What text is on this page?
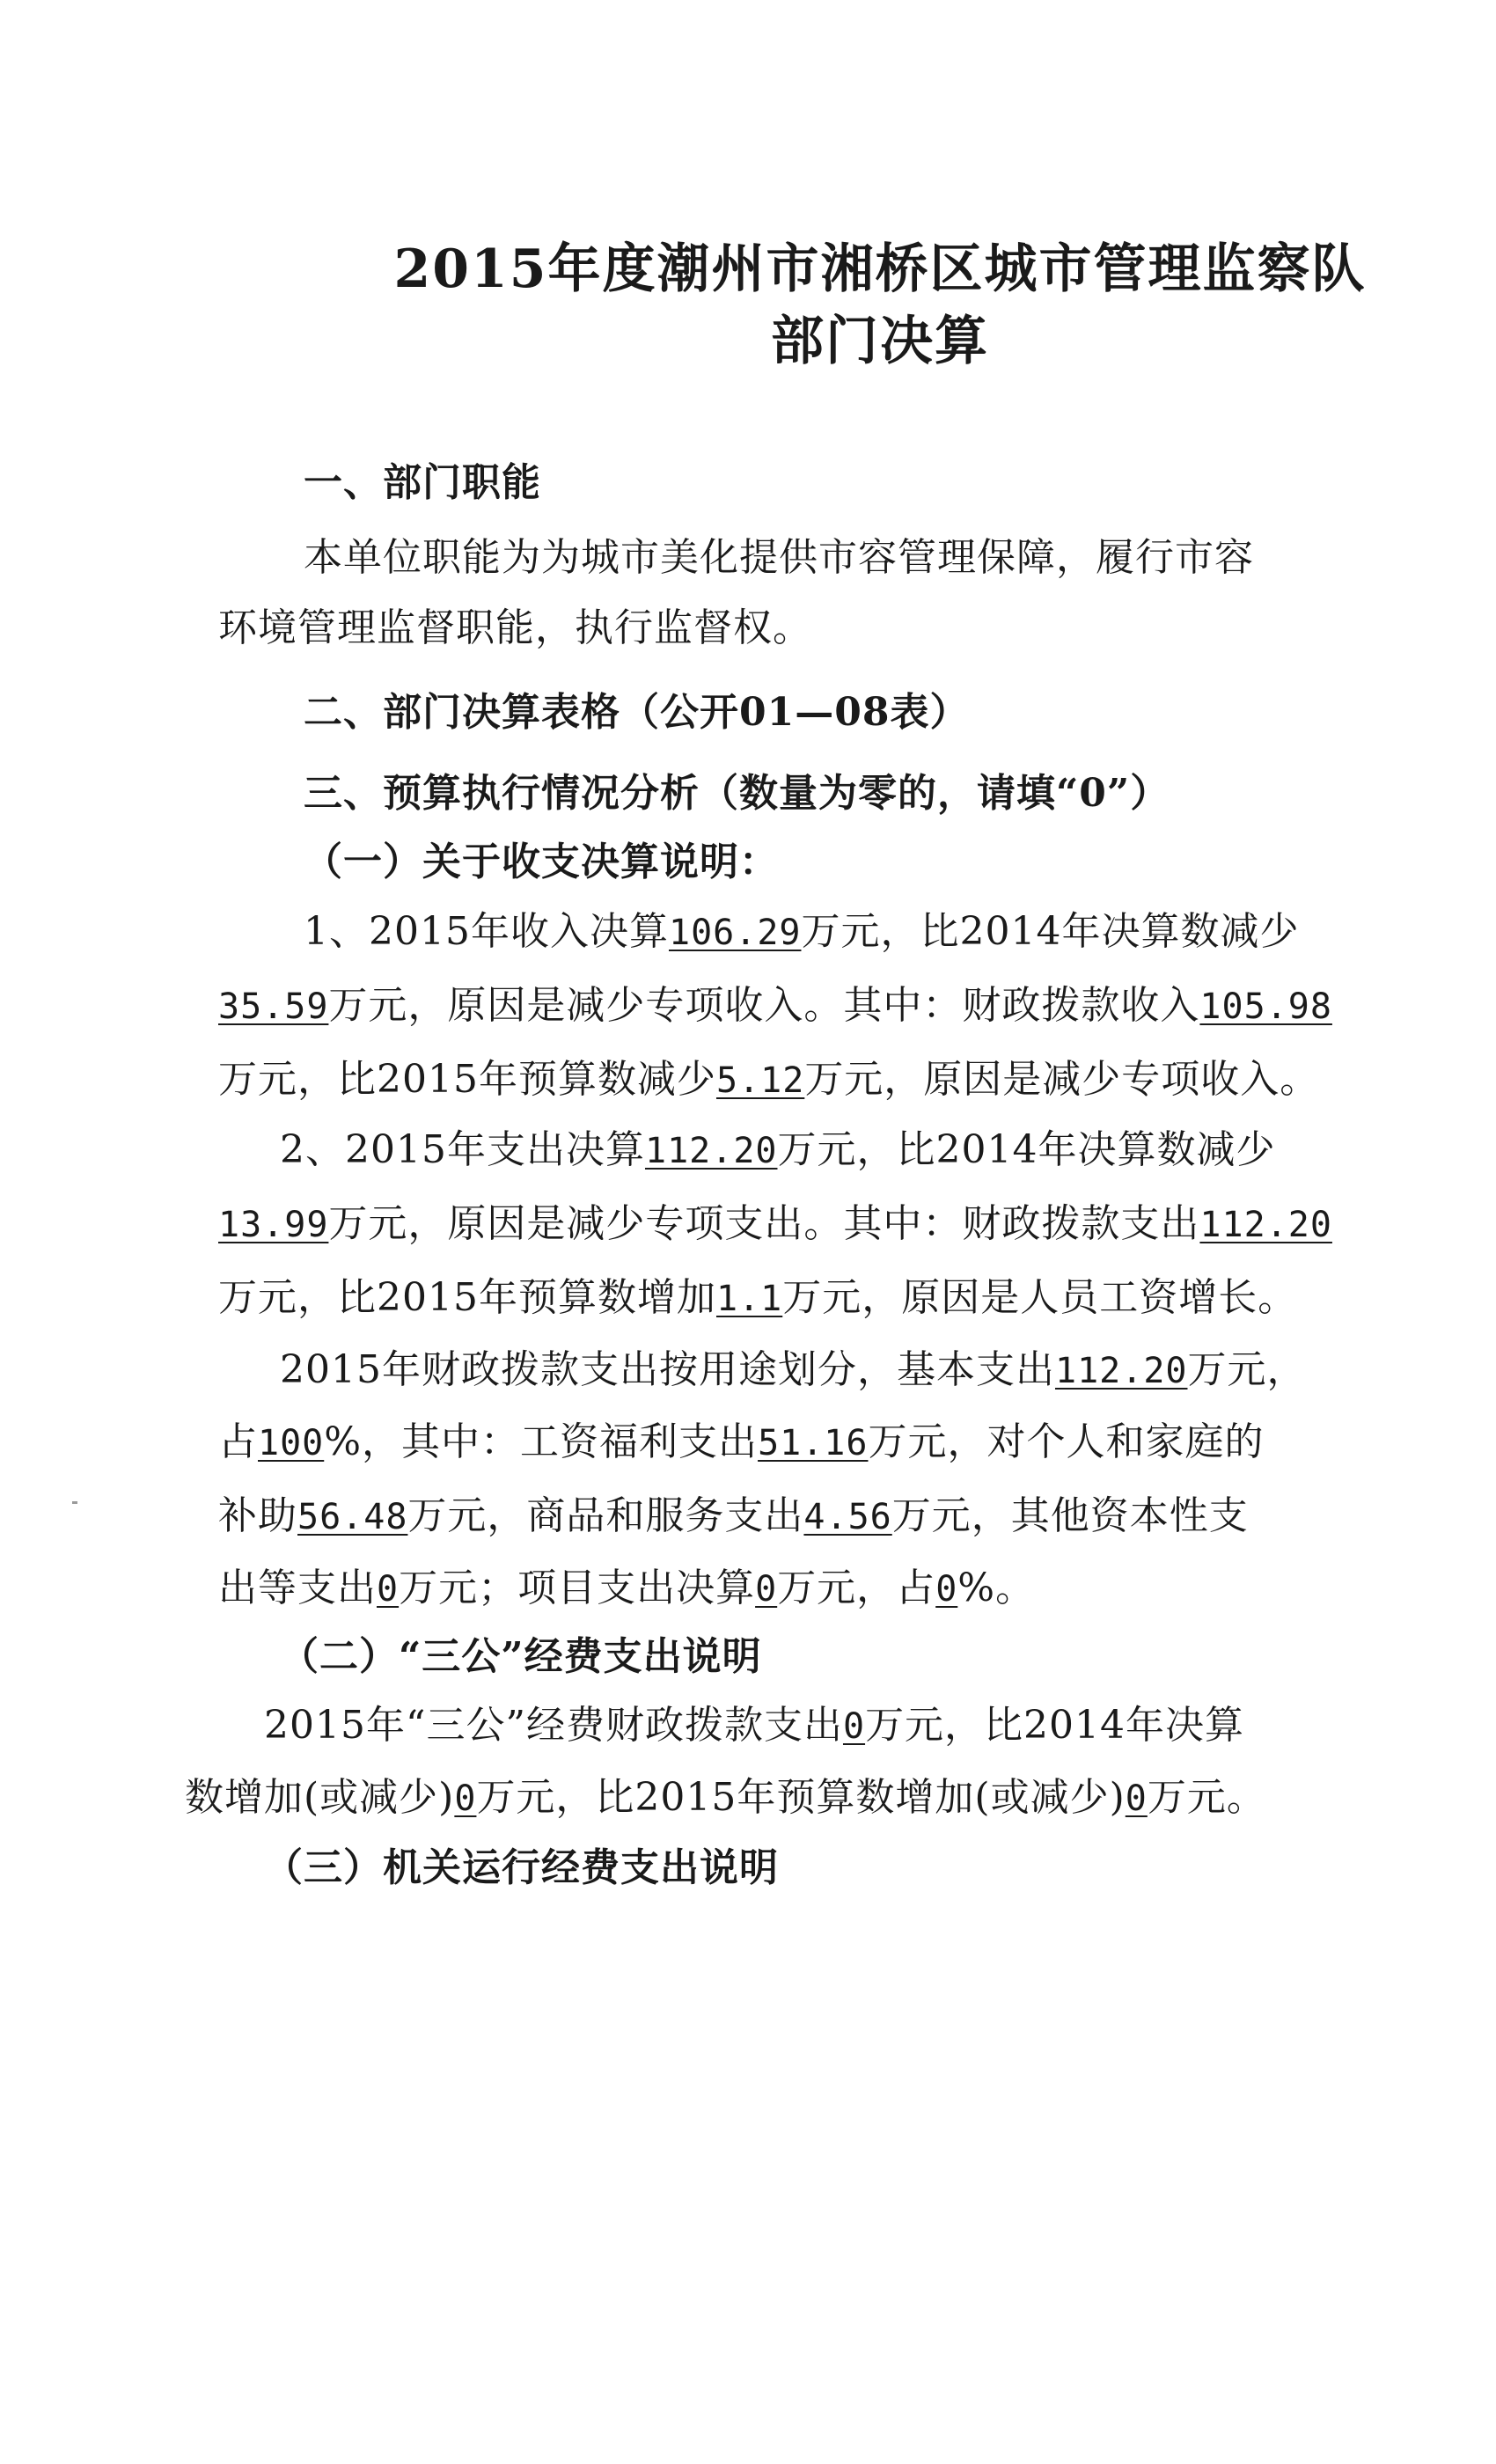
2015年度潮州市湘桥区城市管理监察队
部门决算
一、部门职能
本单位职能为为城市美化提供市容管理保障，履行市容
环境管理监督职能，执行监督权。
二、部门决算表格（公开01—08表）
三、预算执行情况分析（数量为零的，请填“0”）
（一）关于收支决算说明：
1、2015年收入决算106.29万元，比2014年决算数减少
35.59万元，原因是减少专项收入。其中：财政拨款收入105.98
万元，比2015年预算数减少5.12万元，原因是减少专项收入。
2、2015年支出决算112.20万元，比2014年决算数减少
13.99万元，原因是减少专项支出。其中：财政拨款支出112.20
万元，比2015年预算数增加1.1万元，原因是人员工资增长。
2015年财政拨款支出按用途划分，基本支出112.20万元，
占100%，其中：工资福利支出51.16万元，对个人和家庭的
补助56.48万元，商品和服务支出4.56万元，其他资本性支
出等支出0万元；项目支出决算0万元，占0%。
（二）“三公”经费支出说明
2015年“三公”经费财政拨款支出0万元，比2014年决算
数增加(或减少)0万元，比2015年预算数增加(或减少)0万元。
（三）机关运行经费支出说明
